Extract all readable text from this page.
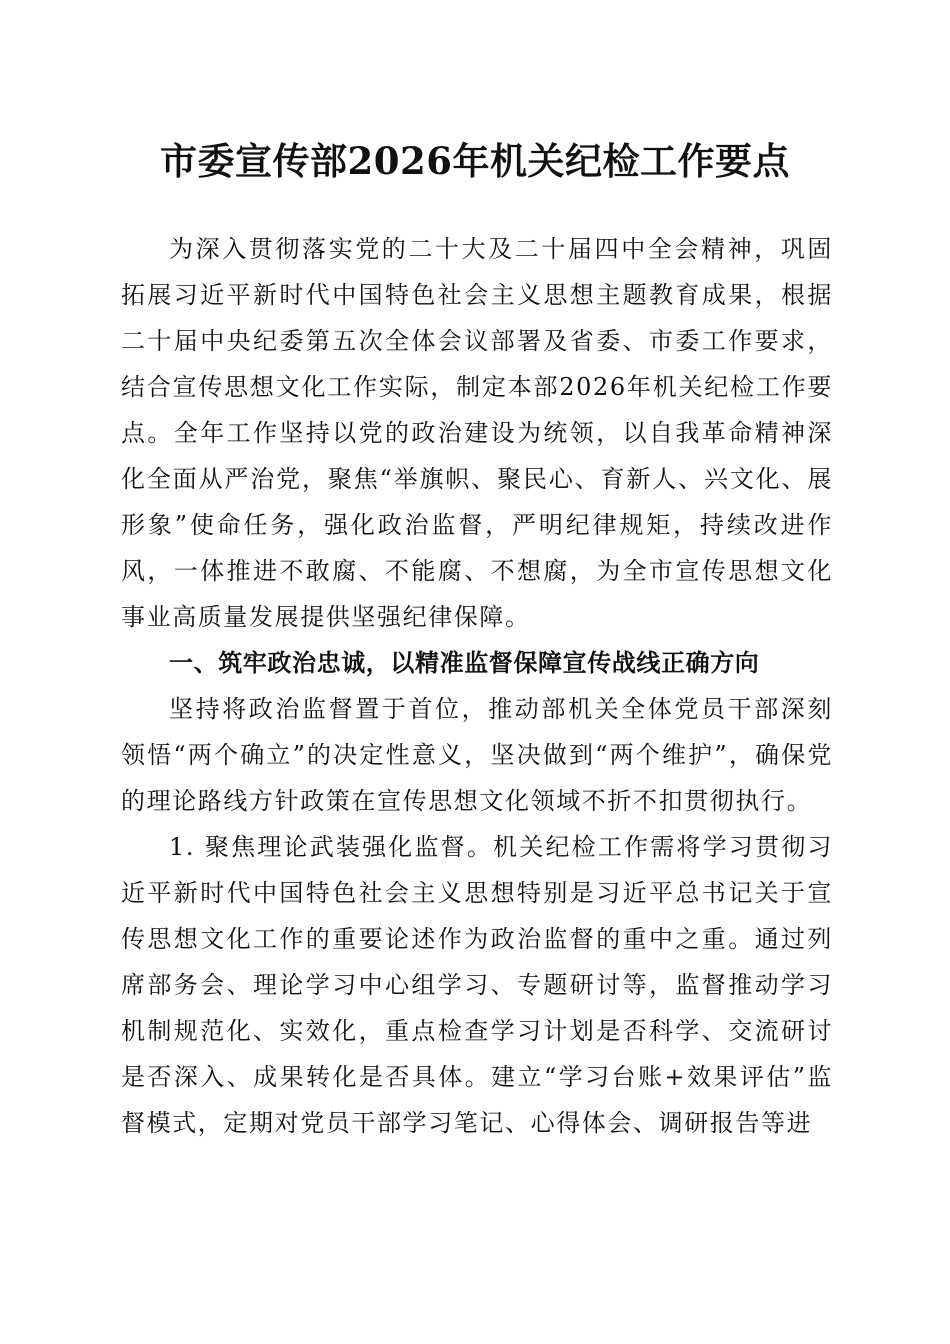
市委宣传部2026年机关纪检工作要点

为深入贯彻落实党的二十大及二十届四中全会精神，巩固拓展习近平新时代中国特色社会主义思想主题教育成果，根据二十届中央纪委第五次全体会议部署及省委、市委工作要求，结合宣传思想文化工作实际，制定本部2026年机关纪检工作要点。全年工作坚持以党的政治建设为统领，以自我革命精神深化全面从严治党，聚焦“举旗帜、聚民心、育新人、兴文化、展形象”使命任务，强化政治监督，严明纪律规矩，持续改进作风，一体推进不敢腐、不能腐、不想腐，为全市宣传思想文化事业高质量发展提供坚强纪律保障。

一、筑牢政治忠诚，以精准监督保障宣传战线正确方向

坚持将政治监督置于首位，推动部机关全体党员干部深刻领悟“两个确立”的决定性意义，坚决做到“两个维护”，确保党的理论路线方针政策在宣传思想文化领域不折不扣贯彻执行。

1. 聚焦理论武装强化监督。机关纪检工作需将学习贯彻习近平新时代中国特色社会主义思想特别是习近平总书记关于宣传思想文化工作的重要论述作为政治监督的重中之重。通过列席部务会、理论学习中心组学习、专题研讨等，监督推动学习机制规范化、实效化，重点检查学习计划是否科学、交流研讨是否深入、成果转化是否具体。建立“学习台账+效果评估”监督模式，定期对党员干部学习笔记、心得体会、调研报告等进
